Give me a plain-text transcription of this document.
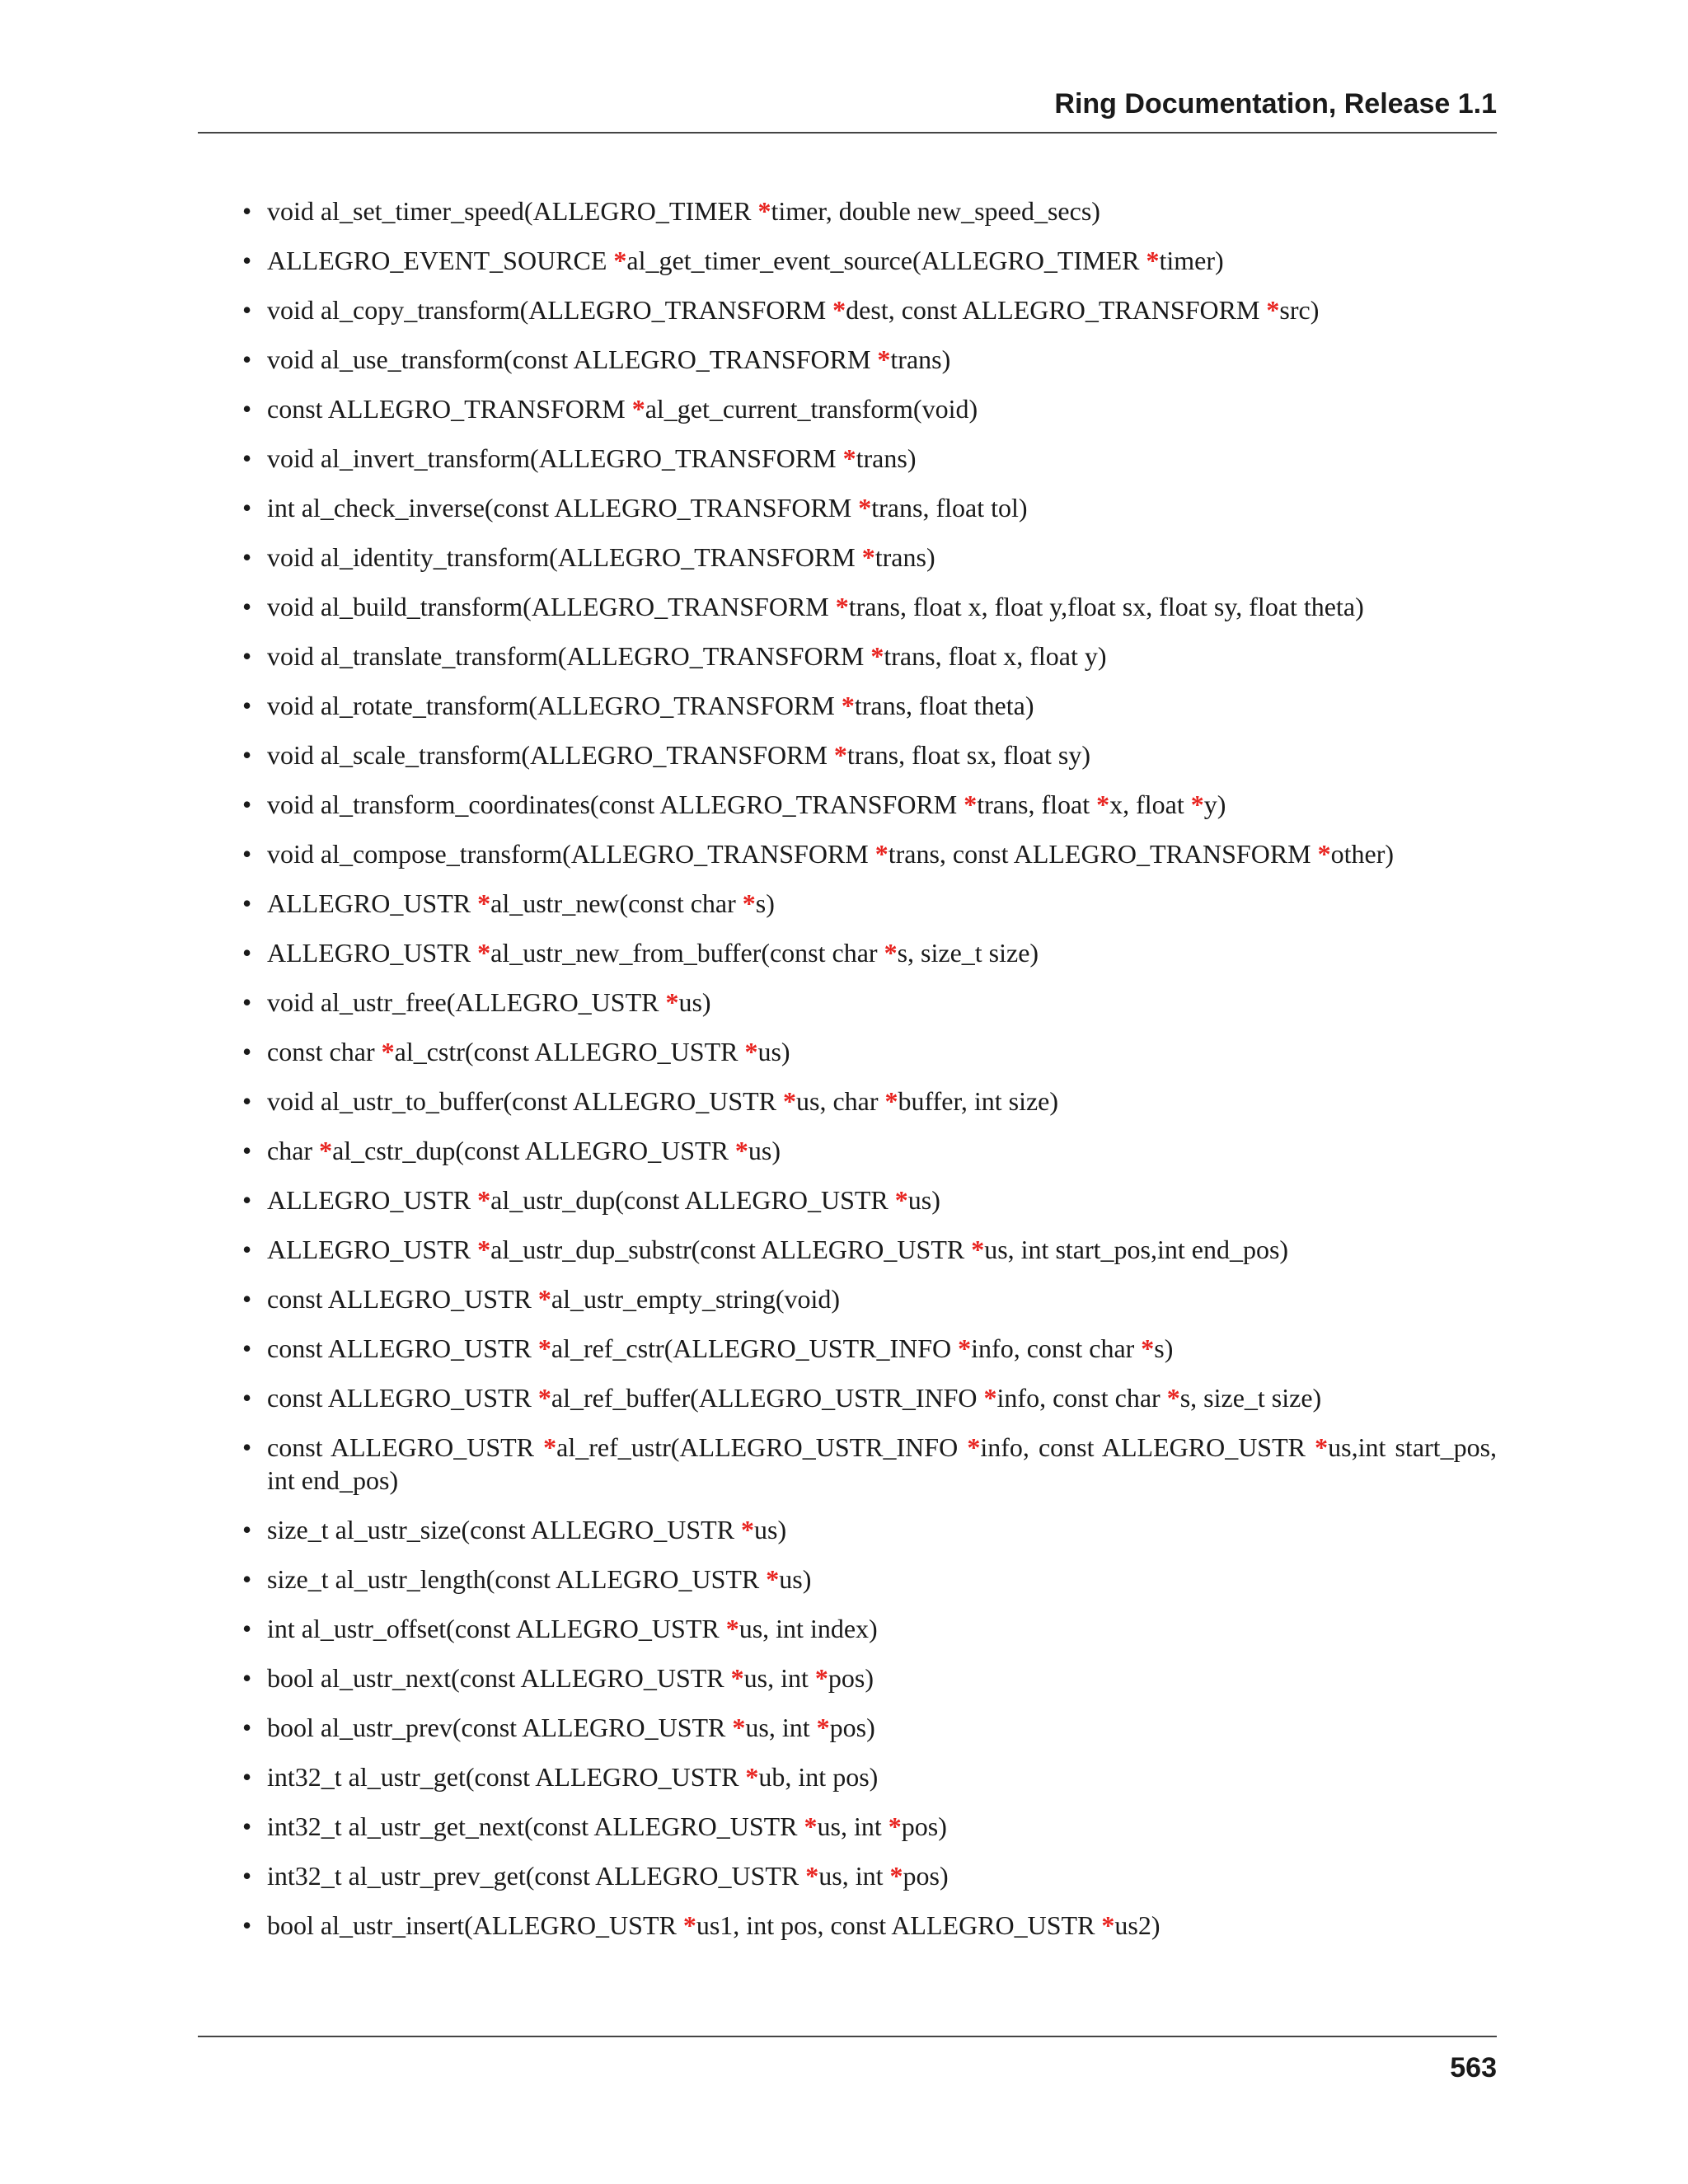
Ring Documentation, Release 1.1
• void al_set_timer_speed(ALLEGRO_TIMER *timer, double new_speed_secs)
• ALLEGRO_EVENT_SOURCE *al_get_timer_event_source(ALLEGRO_TIMER *timer)
• void al_copy_transform(ALLEGRO_TRANSFORM *dest, const ALLEGRO_TRANSFORM *src)
• void al_use_transform(const ALLEGRO_TRANSFORM *trans)
• const ALLEGRO_TRANSFORM *al_get_current_transform(void)
• void al_invert_transform(ALLEGRO_TRANSFORM *trans)
• int al_check_inverse(const ALLEGRO_TRANSFORM *trans, float tol)
• void al_identity_transform(ALLEGRO_TRANSFORM *trans)
• void al_build_transform(ALLEGRO_TRANSFORM *trans, float x, float y,float sx, float sy, float theta)
• void al_translate_transform(ALLEGRO_TRANSFORM *trans, float x, float y)
• void al_rotate_transform(ALLEGRO_TRANSFORM *trans, float theta)
• void al_scale_transform(ALLEGRO_TRANSFORM *trans, float sx, float sy)
• void al_transform_coordinates(const ALLEGRO_TRANSFORM *trans, float *x, float *y)
• void al_compose_transform(ALLEGRO_TRANSFORM *trans, const ALLEGRO_TRANSFORM *other)
• ALLEGRO_USTR *al_ustr_new(const char *s)
• ALLEGRO_USTR *al_ustr_new_from_buffer(const char *s, size_t size)
• void al_ustr_free(ALLEGRO_USTR *us)
• const char *al_cstr(const ALLEGRO_USTR *us)
• void al_ustr_to_buffer(const ALLEGRO_USTR *us, char *buffer, int size)
• char *al_cstr_dup(const ALLEGRO_USTR *us)
• ALLEGRO_USTR *al_ustr_dup(const ALLEGRO_USTR *us)
• ALLEGRO_USTR *al_ustr_dup_substr(const ALLEGRO_USTR *us, int start_pos,int end_pos)
• const ALLEGRO_USTR *al_ustr_empty_string(void)
• const ALLEGRO_USTR *al_ref_cstr(ALLEGRO_USTR_INFO *info, const char *s)
• const ALLEGRO_USTR *al_ref_buffer(ALLEGRO_USTR_INFO *info, const char *s, size_t size)
• const ALLEGRO_USTR *al_ref_ustr(ALLEGRO_USTR_INFO *info, const ALLEGRO_USTR *us,int start_pos, int end_pos)
• size_t al_ustr_size(const ALLEGRO_USTR *us)
• size_t al_ustr_length(const ALLEGRO_USTR *us)
• int al_ustr_offset(const ALLEGRO_USTR *us, int index)
• bool al_ustr_next(const ALLEGRO_USTR *us, int *pos)
• bool al_ustr_prev(const ALLEGRO_USTR *us, int *pos)
• int32_t al_ustr_get(const ALLEGRO_USTR *ub, int pos)
• int32_t al_ustr_get_next(const ALLEGRO_USTR *us, int *pos)
• int32_t al_ustr_prev_get(const ALLEGRO_USTR *us, int *pos)
• bool al_ustr_insert(ALLEGRO_USTR *us1, int pos, const ALLEGRO_USTR *us2)
563
